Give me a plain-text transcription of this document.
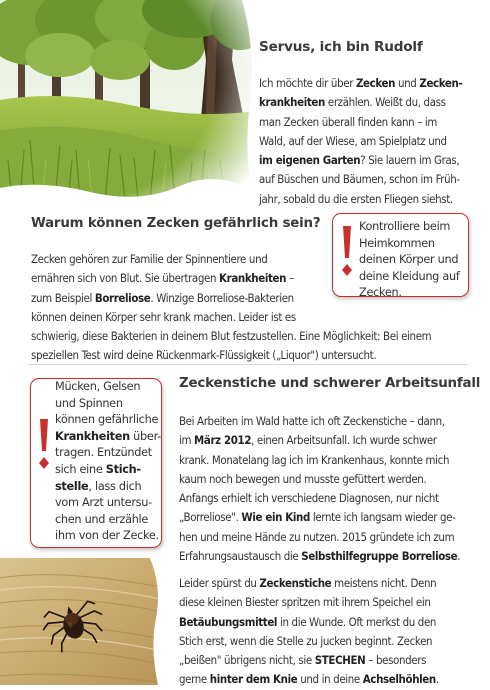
Servus, ich bin Rudolf
Ich möchte dir über Zecken und Zecken-
krankheiten erzählen. Weißt du, dass
man Zecken überall finden kann – im
Wald, auf der Wiese, am Spielplatz und
im eigenen Garten? Sie lauern im Gras,
auf Büschen und Bäumen, schon im Früh-
jahr, sobald du die ersten Fliegen siehst.
Warum können Zecken gefährlich sein?
Zecken gehören zur Familie der Spinnentiere und
ernähren sich von Blut. Sie übertragen Krankheiten –
zum Beispiel Borreliose. Winzige Borreliose-Bakterien
können deinen Körper sehr krank machen. Leider ist es
schwierig, diese Bakterien in deinem Blut festzustellen. Eine Möglichkeit: Bei einem
speziellen Test wird deine Rückenmark-Flüssigkeit („Liquor") untersucht.
Kontrolliere beim
Heimkommen
deinen Körper und
deine Kleidung auf
Zecken.
Zeckenstiche und schwerer Arbeitsunfall
Bei Arbeiten im Wald hatte ich oft Zeckenstiche – dann,
im März 2012, einen Arbeitsunfall. Ich wurde schwer
krank. Monatelang lag ich im Krankenhaus, konnte mich
kaum noch bewegen und musste gefüttert werden.
Anfangs erhielt ich verschiedene Diagnosen, nur nicht
„Borreliose". Wie ein Kind lernte ich langsam wieder ge-
hen und meine Hände zu nutzen. 2015 gründete ich zum
Erfahrungsaustausch die Selbsthilfegruppe Borreliose.
Mücken, Gelsen
und Spinnen
können gefährliche
Krankheiten über-
tragen. Entzündet
sich eine Stich-
stelle, lass dich
vom Arzt untersu-
chen und erzähle
ihm von der Zecke.
Leider spürst du Zeckenstiche meistens nicht. Denn
diese kleinen Biester spritzen mit ihrem Speichel ein
Betäubungsmittel in die Wunde. Oft merkst du den
Stich erst, wenn die Stelle zu jucken beginnt. Zecken
„beißen" übrigens nicht, sie STECHEN – besonders
gerne hinter dem Knie und in deine Achselhöhlen.
